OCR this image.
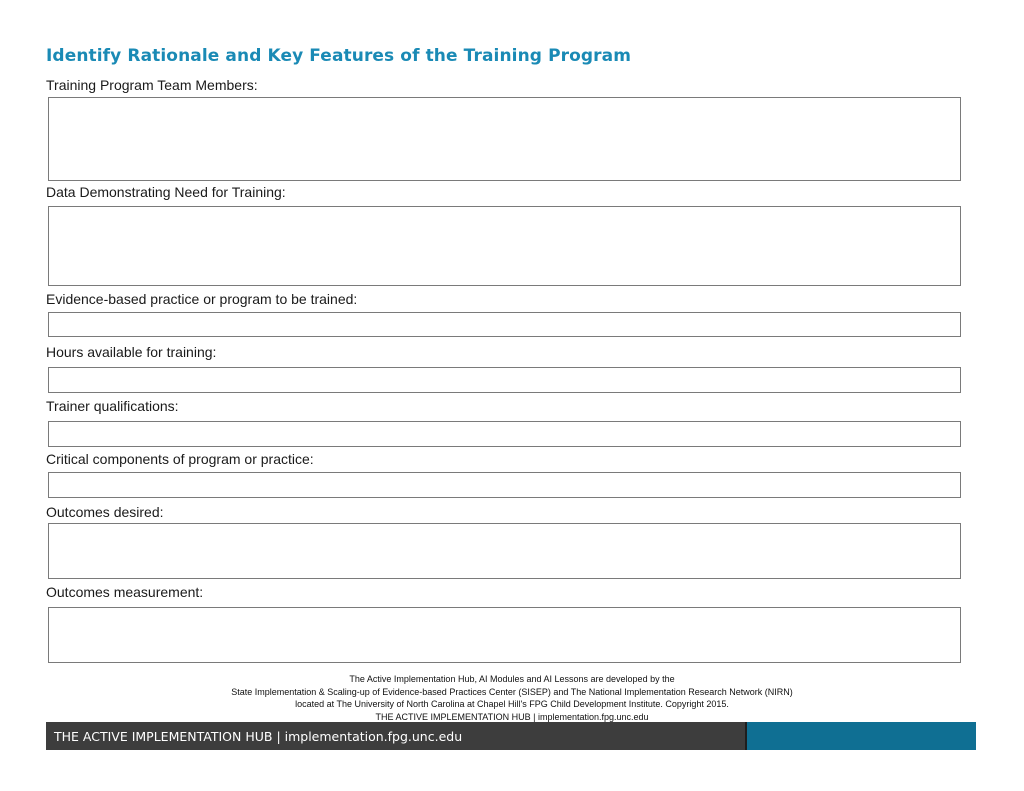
Identify Rationale and Key Features of the Training Program
Training Program Team Members:
Data Demonstrating Need for Training:
Evidence-based practice or program to be trained:
Hours available for training:
Trainer qualifications:
Critical components of program or practice:
Outcomes desired:
Outcomes measurement:
The Active Implementation Hub, AI Modules and AI Lessons are developed by the
State Implementation & Scaling-up of Evidence-based Practices Center (SISEP) and The National Implementation Research Network (NIRN)
located at The University of North Carolina at Chapel Hill's FPG Child Development Institute. Copyright 2015.
THE ACTIVE IMPLEMENTATION HUB | implementation.fpg.unc.edu
THE ACTIVE IMPLEMENTATION HUB | implementation.fpg.unc.edu
